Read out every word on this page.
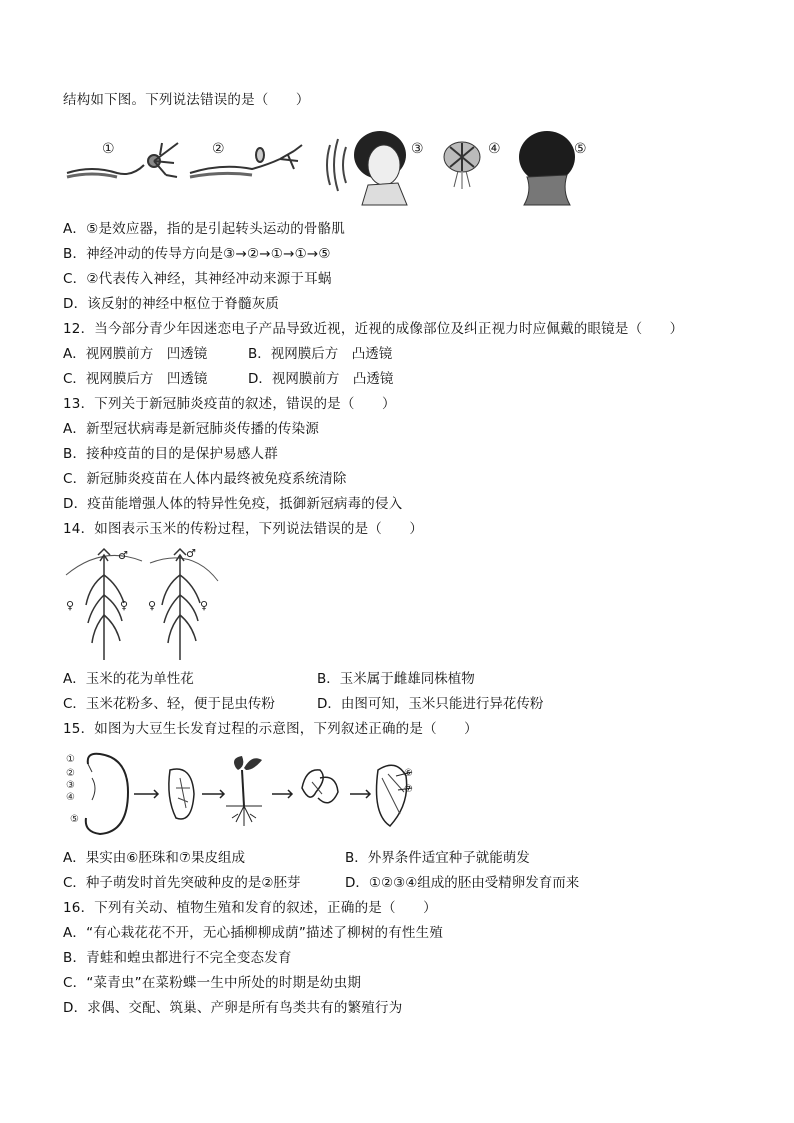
结构如下图。下列说法错误的是（　　）
①	②	③	④	⑤
A．⑤是效应器，指的是引起转头运动的骨骼肌
B．神经冲动的传导方向是③→②→①→①→⑤
C．②代表传入神经，其神经冲动来源于耳蜗
D．该反射的神经中枢位于脊髓灰质
12．当今部分青少年因迷恋电子产品导致近视，近视的成像部位及纠正视力时应佩戴的眼镜是（　　）
A．视网膜前方　凹透镜	B．视网膜后方　凸透镜
C．视网膜后方　凹透镜	D．视网膜前方　凸透镜
13．下列关于新冠肺炎疫苗的叙述，错误的是（　　）
A．新型冠状病毒是新冠肺炎传播的传染源
B．接种疫苗的目的是保护易感人群
C．新冠肺炎疫苗在人体内最终被免疫系统清除
D．疫苗能增强人体的特异性免疫，抵御新冠病毒的侵入
14．如图表示玉米的传粉过程，下列说法错误的是（　　）
♂
♀	♀
♂
♀	♀
A．玉米的花为单性花	B．玉米属于雌雄同株植物
C．玉米花粉多、轻，便于昆虫传粉	D．由图可知，玉米只能进行异花传粉
15．如图为大豆生长发育过程的示意图，下列叙述正确的是（　　）
①
②
③
④
⑤
⑥
⑦
A．果实由⑥胚珠和⑦果皮组成	B．外界条件适宜种子就能萌发
C．种子萌发时首先突破种皮的是②胚芽	D．①②③④组成的胚由受精卵发育而来
16．下列有关动、植物生殖和发育的叙述，正确的是（　　）
A．“有心栽花花不开，无心插柳柳成荫”描述了柳树的有性生殖
B．青蛙和蝗虫都进行不完全变态发育
C．“菜青虫”在菜粉蝶一生中所处的时期是幼虫期
D．求偶、交配、筑巢、产卵是所有鸟类共有的繁殖行为
